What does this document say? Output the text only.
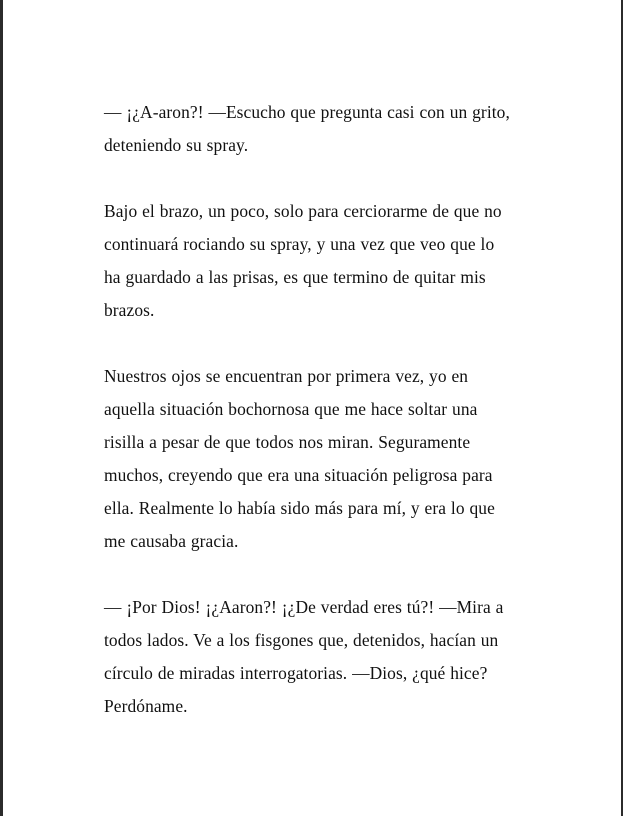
— ¡¿A-aron?! —Escucho que pregunta casi con un grito, deteniendo su spray.

Bajo el brazo, un poco, solo para cerciorarme de que no continuará rociando su spray, y una vez que veo que lo ha guardado a las prisas, es que termino de quitar mis brazos.

Nuestros ojos se encuentran por primera vez, yo en aquella situación bochornosa que me hace soltar una risilla a pesar de que todos nos miran. Seguramente muchos, creyendo que era una situación peligrosa para ella. Realmente lo había sido más para mí, y era lo que me causaba gracia.

— ¡Por Dios! ¡¿Aaron?! ¡¿De verdad eres tú?! —Mira a todos lados. Ve a los fisgones que, detenidos, hacían un círculo de miradas interrogatorias. —Dios, ¿qué hice? Perdóname.
